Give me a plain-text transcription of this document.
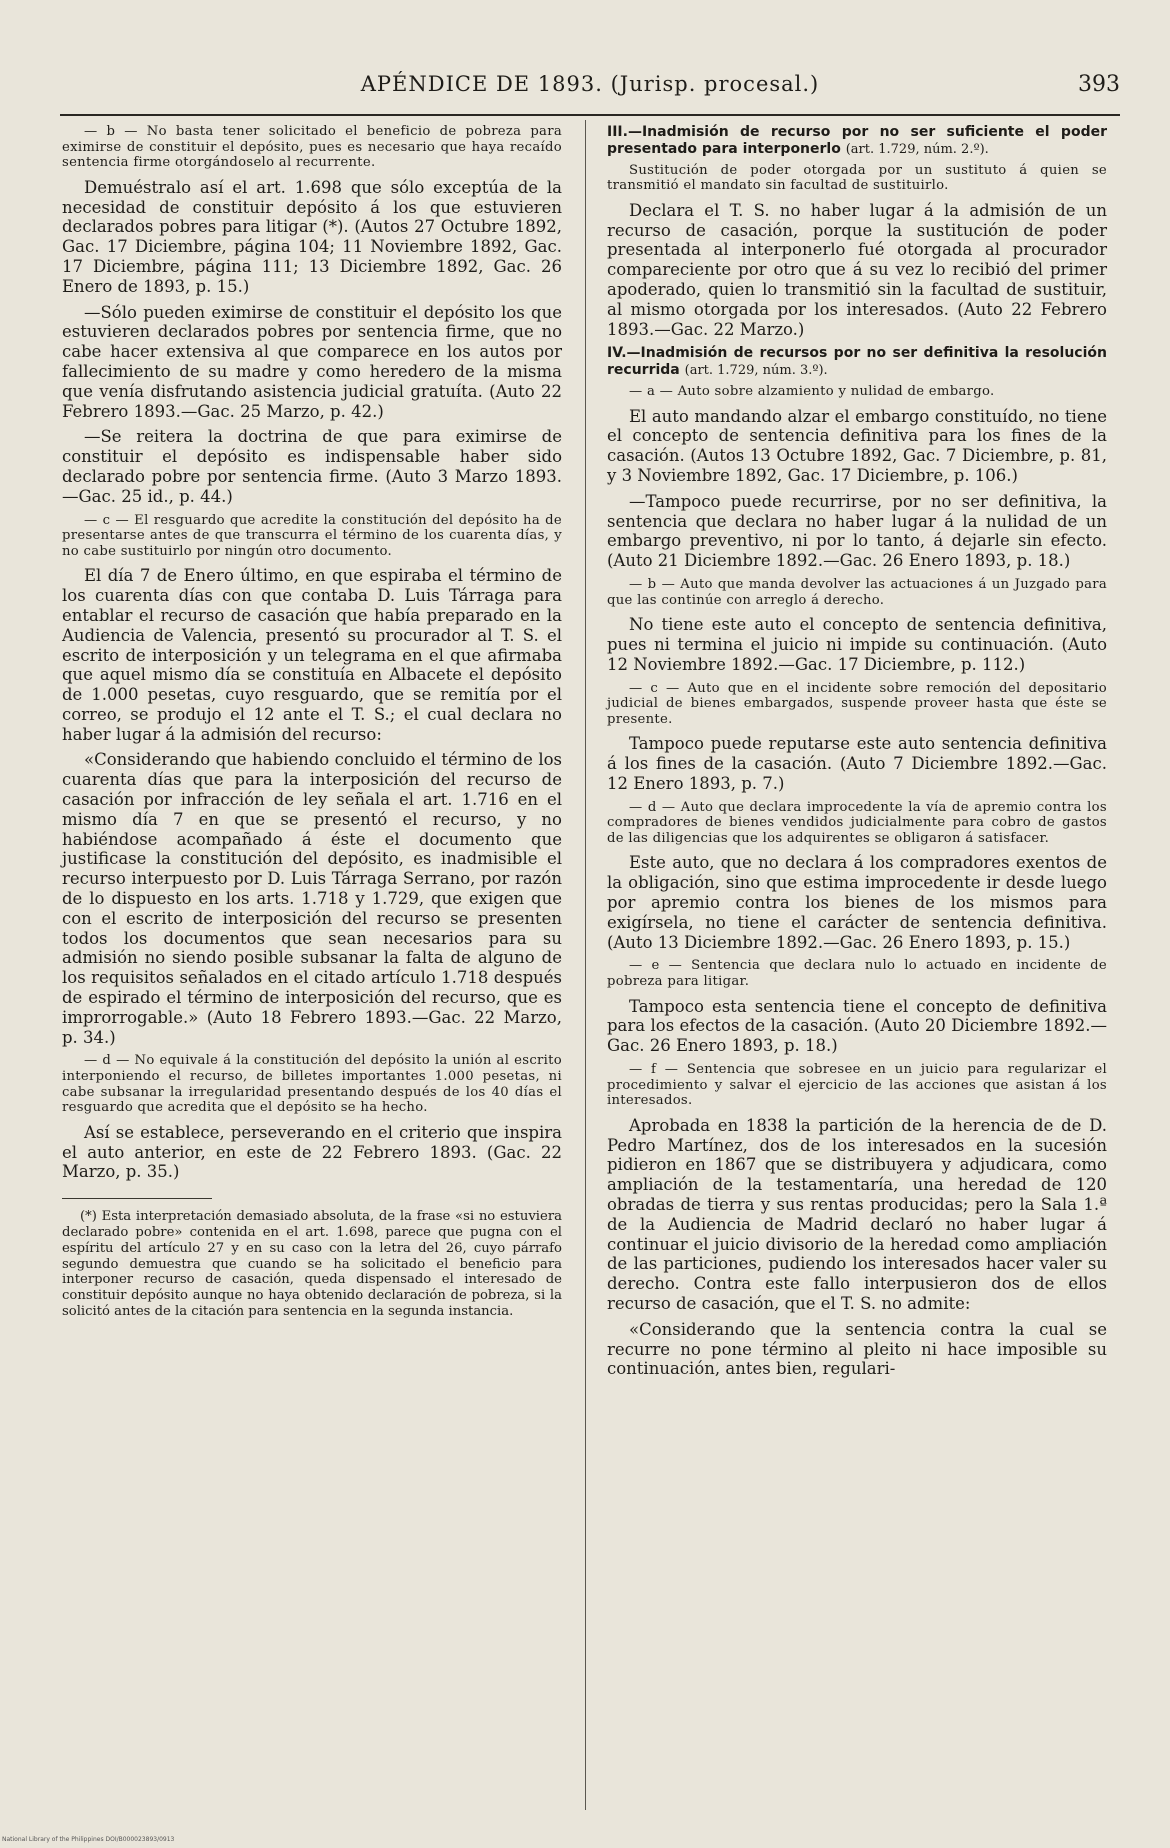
APÉNDICE DE 1893. (Jurisp. procesal.)	393

— b — No basta tener solicitado el beneficio de pobreza para eximirse de constituir el depósito, pues es necesario que haya recaído sentencia firme otorgándoselo al recurrente.

Demuéstralo así el art. 1.698 que sólo exceptúa de la necesidad de constituir depósito á los que estuvieren declarados pobres para litigar (*). (Autos 27 Octubre 1892, Gac. 17 Diciembre, página 104; 11 Noviembre 1892, Gac. 17 Diciembre, página 111; 13 Diciembre 1892, Gac. 26 Enero de 1893, p. 15.)

—Sólo pueden eximirse de constituir el depósito los que estuvieren declarados pobres por sentencia firme, que no cabe hacer extensiva al que comparece en los autos por fallecimiento de su madre y como heredero de la misma que venía disfrutando asistencia judicial gratuíta. (Auto 22 Febrero 1893.—Gac. 25 Marzo, p. 42.)

—Se reitera la doctrina de que para eximirse de constituir el depósito es indispensable haber sido declarado pobre por sentencia firme. (Auto 3 Marzo 1893.—Gac. 25 id., p. 44.)

— c — El resguardo que acredite la constitución del depósito ha de presentarse antes de que transcurra el término de los cuarenta días, y no cabe sustituirlo por ningún otro documento.

El día 7 de Enero último, en que espiraba el término de los cuarenta días con que contaba D. Luis Tárraga para entablar el recurso de casación que había preparado en la Audiencia de Valencia, presentó su procurador al T. S. el escrito de interposición y un telegrama en el que afirmaba que aquel mismo día se constituía en Albacete el depósito de 1.000 pesetas, cuyo resguardo, que se remitía por el correo, se produjo el 12 ante el T. S.; el cual declara no haber lugar á la admisión del recurso:

«Considerando que habiendo concluido el término de los cuarenta días que para la interposición del recurso de casación por infracción de ley señala el art. 1.716 en el mismo día 7 en que se presentó el recurso, y no habiéndose acompañado á éste el documento que justificase la constitución del depósito, es inadmisible el recurso interpuesto por D. Luis Tárraga Serrano, por razón de lo dispuesto en los arts. 1.718 y 1.729, que exigen que con el escrito de interposición del recurso se presenten todos los documentos que sean necesarios para su admisión no siendo posible subsanar la falta de alguno de los requisitos señalados en el citado artículo 1.718 después de espirado el término de interposición del recurso, que es improrrogable.» (Auto 18 Febrero 1893.—Gac. 22 Marzo, p. 34.)

— d — No equivale á la constitución del depósito la unión al escrito interponiendo el recurso, de billetes importantes 1.000 pesetas, ni cabe subsanar la irregularidad presentando después de los 40 días el resguardo que acredita que el depósito se ha hecho.

Así se establece, perseverando en el criterio que inspira el auto anterior, en este de 22 Febrero 1893. (Gac. 22 Marzo, p. 35.)

(*) Esta interpretación demasiado absoluta, de la frase «si no estuviera declarado pobre» contenida en el art. 1.698, parece que pugna con el espíritu del artículo 27 y en su caso con la letra del 26, cuyo párrafo segundo demuestra que cuando se ha solicitado el beneficio para interponer recurso de casación, queda dispensado el interesado de constituir depósito aunque no haya obtenido declaración de pobreza, si la solicitó antes de la citación para sentencia en la segunda instancia.

III.—Inadmisión de recurso por no ser suficiente el poder presentado para interponerlo (art. 1.729, núm. 2.º).

Sustitución de poder otorgada por un sustituto á quien se transmitió el mandato sin facultad de sustituirlo.

Declara el T. S. no haber lugar á la admisión de un recurso de casación, porque la sustitución de poder presentada al interponerlo fué otorgada al procurador compareciente por otro que á su vez lo recibió del primer apoderado, quien lo transmitió sin la facultad de sustituir, al mismo otorgada por los interesados. (Auto 22 Febrero 1893.—Gac. 22 Marzo.)

IV.—Inadmisión de recursos por no ser definitiva la resolución recurrida (art. 1.729, núm. 3.º).

— a — Auto sobre alzamiento y nulidad de embargo.

El auto mandando alzar el embargo constituído, no tiene el concepto de sentencia definitiva para los fines de la casación. (Autos 13 Octubre 1892, Gac. 7 Diciembre, p. 81, y 3 Noviembre 1892, Gac. 17 Diciembre, p. 106.)

—Tampoco puede recurrirse, por no ser definitiva, la sentencia que declara no haber lugar á la nulidad de un embargo preventivo, ni por lo tanto, á dejarle sin efecto. (Auto 21 Diciembre 1892.—Gac. 26 Enero 1893, p. 18.)

— b — Auto que manda devolver las actuaciones á un Juzgado para que las continúe con arreglo á derecho.

No tiene este auto el concepto de sentencia definitiva, pues ni termina el juicio ni impide su continuación. (Auto 12 Noviembre 1892.—Gac. 17 Diciembre, p. 112.)

— c — Auto que en el incidente sobre remoción del depositario judicial de bienes embargados, suspende proveer hasta que éste se presente.

Tampoco puede reputarse este auto sentencia definitiva á los fines de la casación. (Auto 7 Diciembre 1892.—Gac. 12 Enero 1893, p. 7.)

— d — Auto que declara improcedente la vía de apremio contra los compradores de bienes vendidos judicialmente para cobro de gastos de las diligencias que los adquirentes se obligaron á satisfacer.

Este auto, que no declara á los compradores exentos de la obligación, sino que estima improcedente ir desde luego por apremio contra los bienes de los mismos para exigírsela, no tiene el carácter de sentencia definitiva. (Auto 13 Diciembre 1892.—Gac. 26 Enero 1893, p. 15.)

— e — Sentencia que declara nulo lo actuado en incidente de pobreza para litigar.

Tampoco esta sentencia tiene el concepto de definitiva para los efectos de la casación. (Auto 20 Diciembre 1892.—Gac. 26 Enero 1893, p. 18.)

— f — Sentencia que sobresee en un juicio para regularizar el procedimiento y salvar el ejercicio de las acciones que asistan á los interesados.

Aprobada en 1838 la partición de la herencia de de D. Pedro Martínez, dos de los interesados en la sucesión pidieron en 1867 que se distribuyera y adjudicara, como ampliación de la testamentaría, una heredad de 120 obradas de tierra y sus rentas producidas; pero la Sala 1.ª de la Audiencia de Madrid declaró no haber lugar á continuar el juicio divisorio de la heredad como ampliación de las particiones, pudiendo los interesados hacer valer su derecho. Contra este fallo interpusieron dos de ellos recurso de casación, que el T. S. no admite:

«Considerando que la sentencia contra la cual se recurre no pone término al pleito ni hace imposible su continuación, antes bien, regulari-

National Library of the Philippines DOI/B000023893/0913
